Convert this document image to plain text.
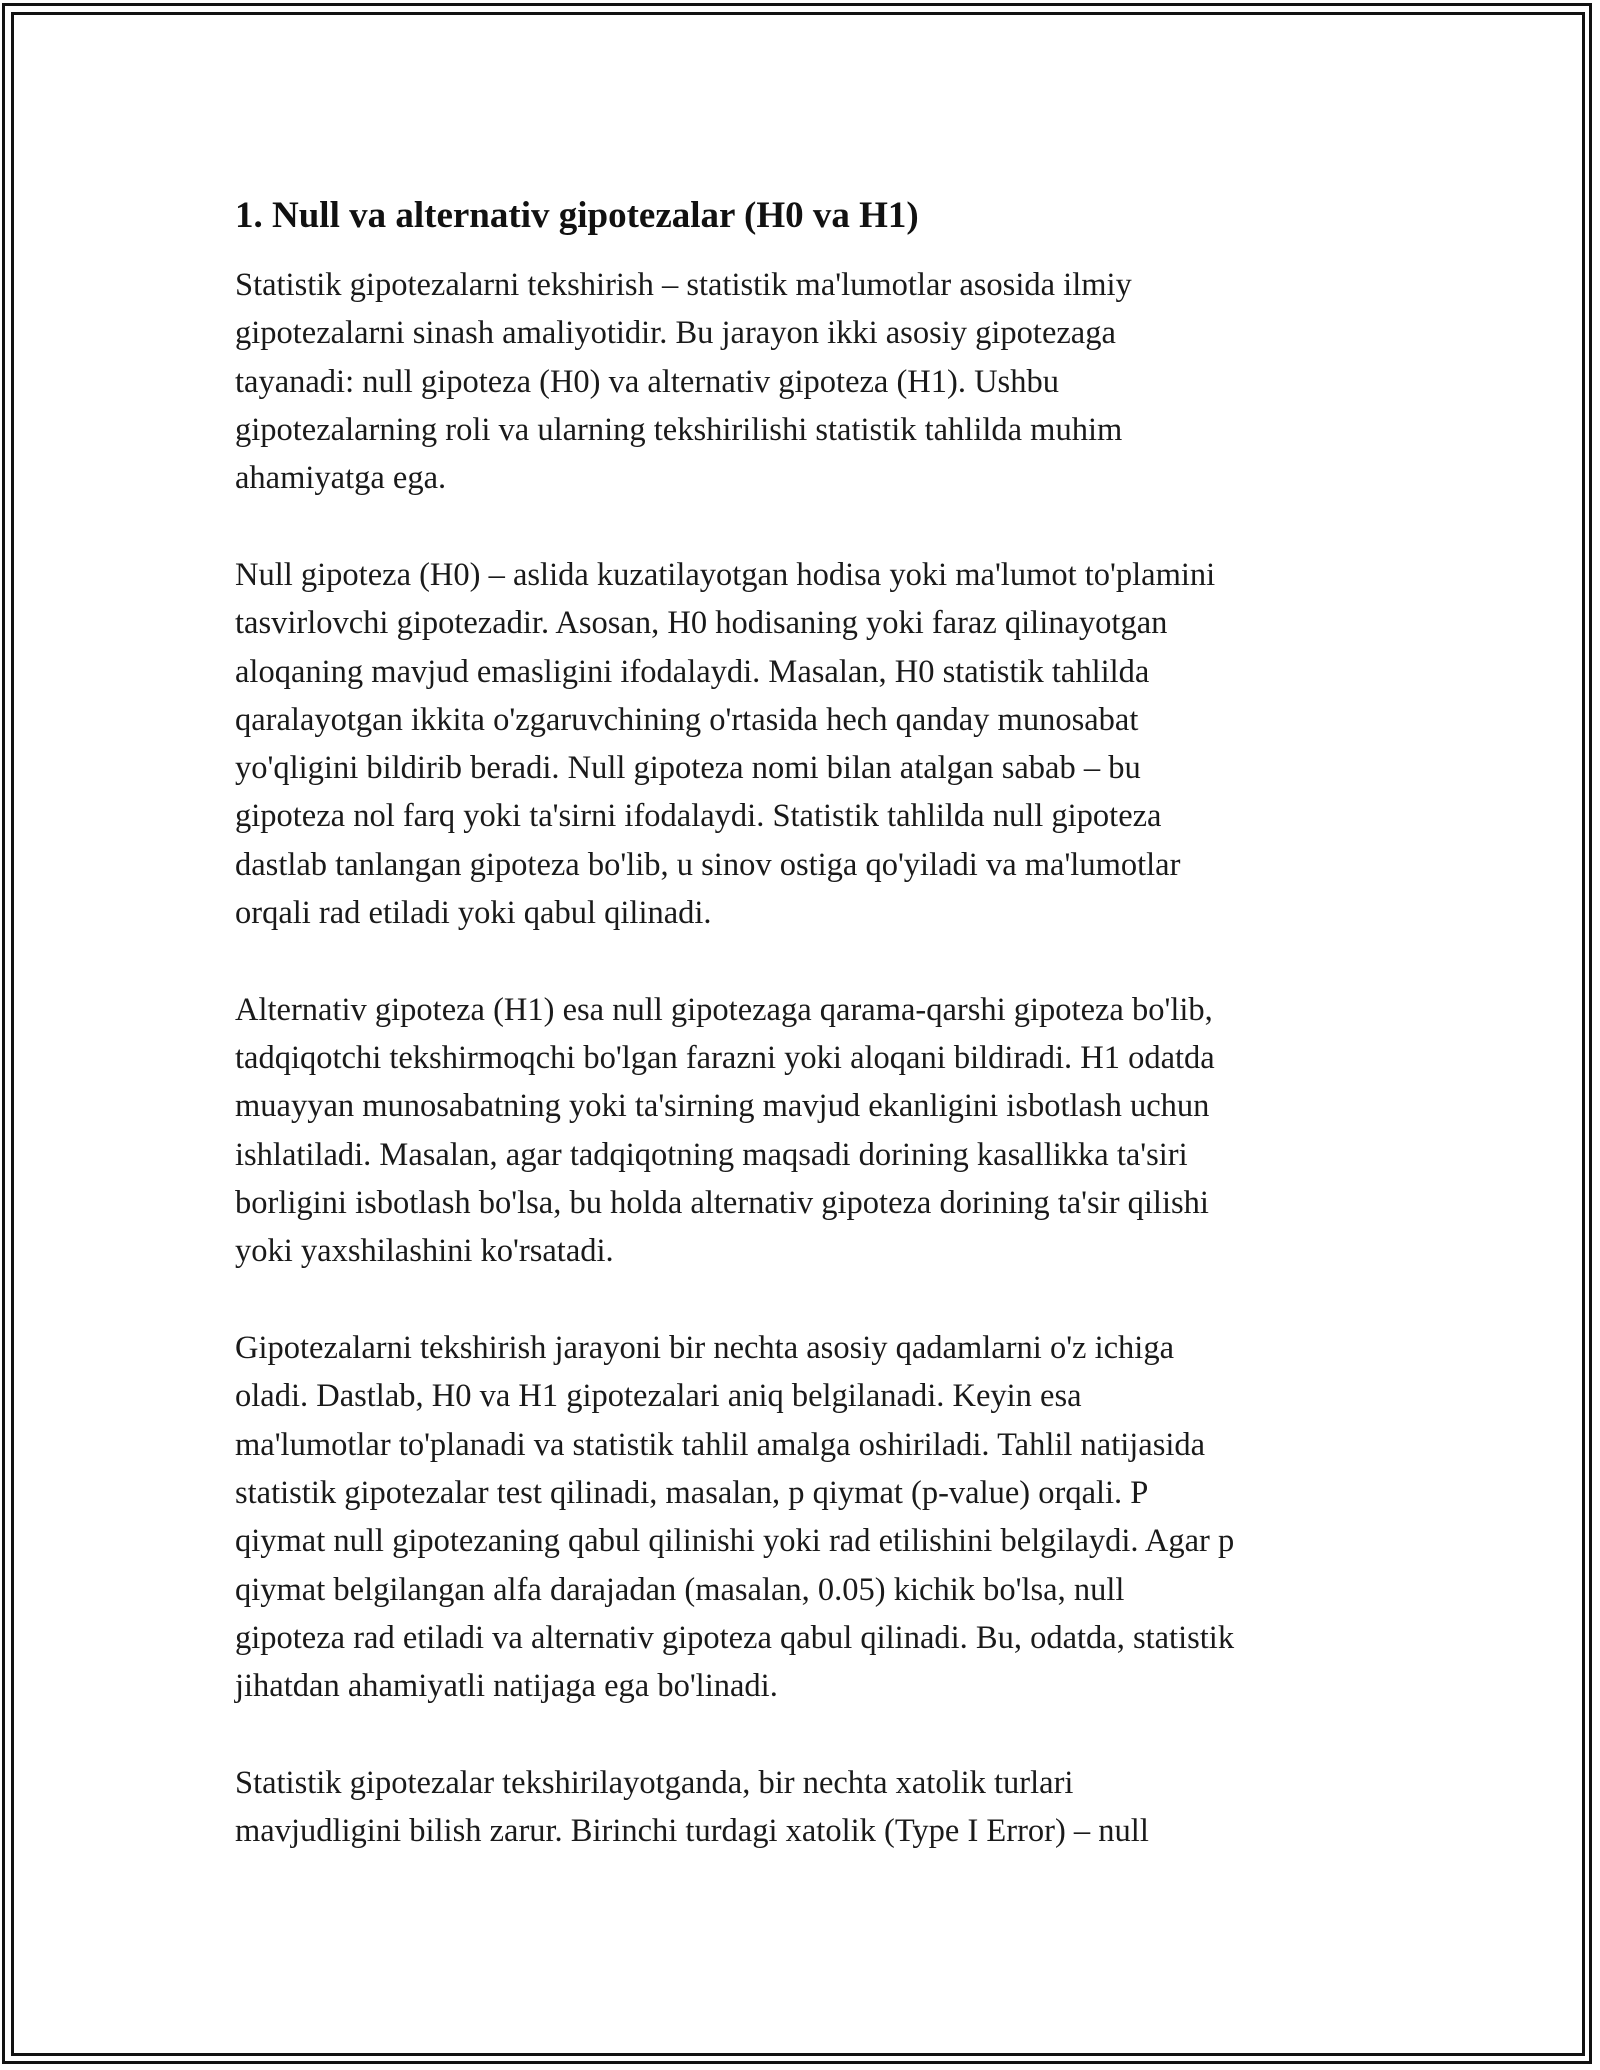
1. Null va alternativ gipotezalar (H0 va H1)

Statistik gipotezalarni tekshirish – statistik ma'lumotlar asosida ilmiy
gipotezalarni sinash amaliyotidir. Bu jarayon ikki asosiy gipotezaga
tayanadi: null gipoteza (H0) va alternativ gipoteza (H1). Ushbu
gipotezalarning roli va ularning tekshirilishi statistik tahlilda muhim
ahamiyatga ega.

Null gipoteza (H0) – aslida kuzatilayotgan hodisa yoki ma'lumot to'plamini
tasvirlovchi gipotezadir. Asosan, H0 hodisaning yoki faraz qilinayotgan
aloqaning mavjud emasligini ifodalaydi. Masalan, H0 statistik tahlilda
qaralayotgan ikkita o'zgaruvchining o'rtasida hech qanday munosabat
yo'qligini bildirib beradi. Null gipoteza nomi bilan atalgan sabab – bu
gipoteza nol farq yoki ta'sirni ifodalaydi. Statistik tahlilda null gipoteza
dastlab tanlangan gipoteza bo'lib, u sinov ostiga qo'yiladi va ma'lumotlar
orqali rad etiladi yoki qabul qilinadi.

Alternativ gipoteza (H1) esa null gipotezaga qarama-qarshi gipoteza bo'lib,
tadqiqotchi tekshirmoqchi bo'lgan farazni yoki aloqani bildiradi. H1 odatda
muayyan munosabatning yoki ta'sirning mavjud ekanligini isbotlash uchun
ishlatiladi. Masalan, agar tadqiqotning maqsadi dorining kasallikka ta'siri
borligini isbotlash bo'lsa, bu holda alternativ gipoteza dorining ta'sir qilishi
yoki yaxshilashini ko'rsatadi.

Gipotezalarni tekshirish jarayoni bir nechta asosiy qadamlarni o'z ichiga
oladi. Dastlab, H0 va H1 gipotezalari aniq belgilanadi. Keyin esa
ma'lumotlar to'planadi va statistik tahlil amalga oshiriladi. Tahlil natijasida
statistik gipotezalar test qilinadi, masalan, p qiymat (p-value) orqali. P
qiymat null gipotezaning qabul qilinishi yoki rad etilishini belgilaydi. Agar p
qiymat belgilangan alfa darajadan (masalan, 0.05) kichik bo'lsa, null
gipoteza rad etiladi va alternativ gipoteza qabul qilinadi. Bu, odatda, statistik
jihatdan ahamiyatli natijaga ega bo'linadi.

Statistik gipotezalar tekshirilayotganda, bir nechta xatolik turlari
mavjudligini bilish zarur. Birinchi turdagi xatolik (Type I Error) – null
